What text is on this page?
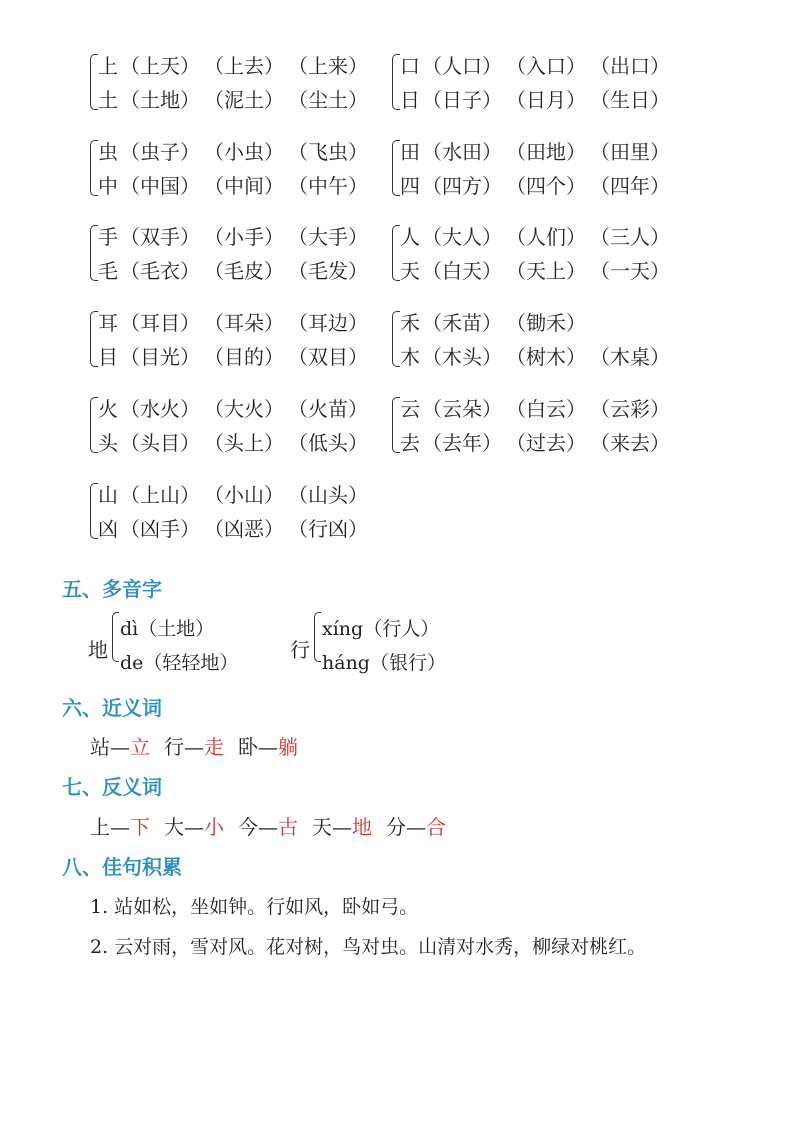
上 （上天） （上去） （上来）
土 （土地） （泥土） （尘土）
口 （人口） （入口） （出口）
日 （日子） （日月） （生日）
虫 （虫子） （小虫） （飞虫）
中 （中国） （中间） （中午）
田 （水田） （田地） （田里）
四 （四方） （四个） （四年）
手 （双手） （小手） （大手）
毛 （毛衣） （毛皮） （毛发）
人 （大人） （人们） （三人）
天 （白天） （天上） （一天）
耳 （耳目） （耳朵） （耳边）
目 （目光） （目的） （双目）
禾 （禾苗） （锄禾）
木 （木头） （树木） （木桌）
火 （水火） （大火） （火苗）
头 （头目） （头上） （低头）
云 （云朵） （白云） （云彩）
去 （去年） （过去） （来去）
山 （上山） （小山） （山头）
凶 （凶手） （凶恶） （行凶）
五、多音字
地
dì（土地）
de（轻轻地）
行
xíng（行人）
háng（银行）
六、近义词
站—立 行—走 卧—躺
七、反义词
上—下 大—小 今—古 天—地 分—合
八、佳句积累
1. 站如松，坐如钟。行如风，卧如弓。
2. 云对雨，雪对风。花对树，鸟对虫。山清对水秀，柳绿对桃红。
